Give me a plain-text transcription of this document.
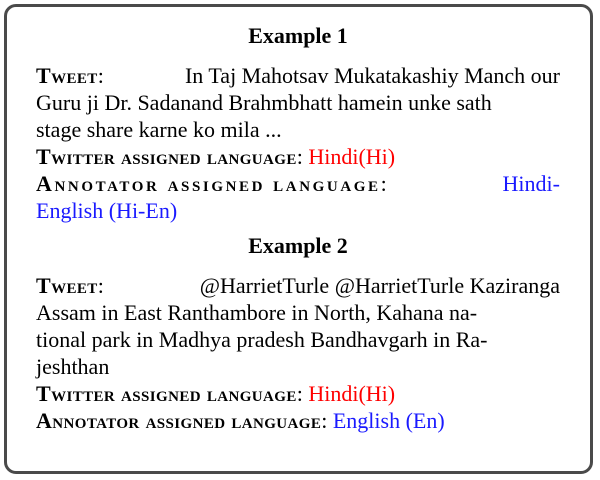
Example 1
Tweet:	In Taj Mahotsav Mukatakashiy Manch our
Guru ji Dr. Sadanand Brahmbhatt hamein unke sath
stage share karne ko mila ...
Twitter assigned language: Hindi(Hi)
Annotator assigned language:	Hindi-
English (Hi-En)
Example 2
Tweet:	@HarrietTurle @HarrietTurle Kaziranga
Assam in East Ranthambore in North, Kahana na-
tional park in Madhya pradesh Bandhavgarh in Ra-
jeshthan
Twitter assigned language: Hindi(Hi)
Annotator assigned language: English (En)
